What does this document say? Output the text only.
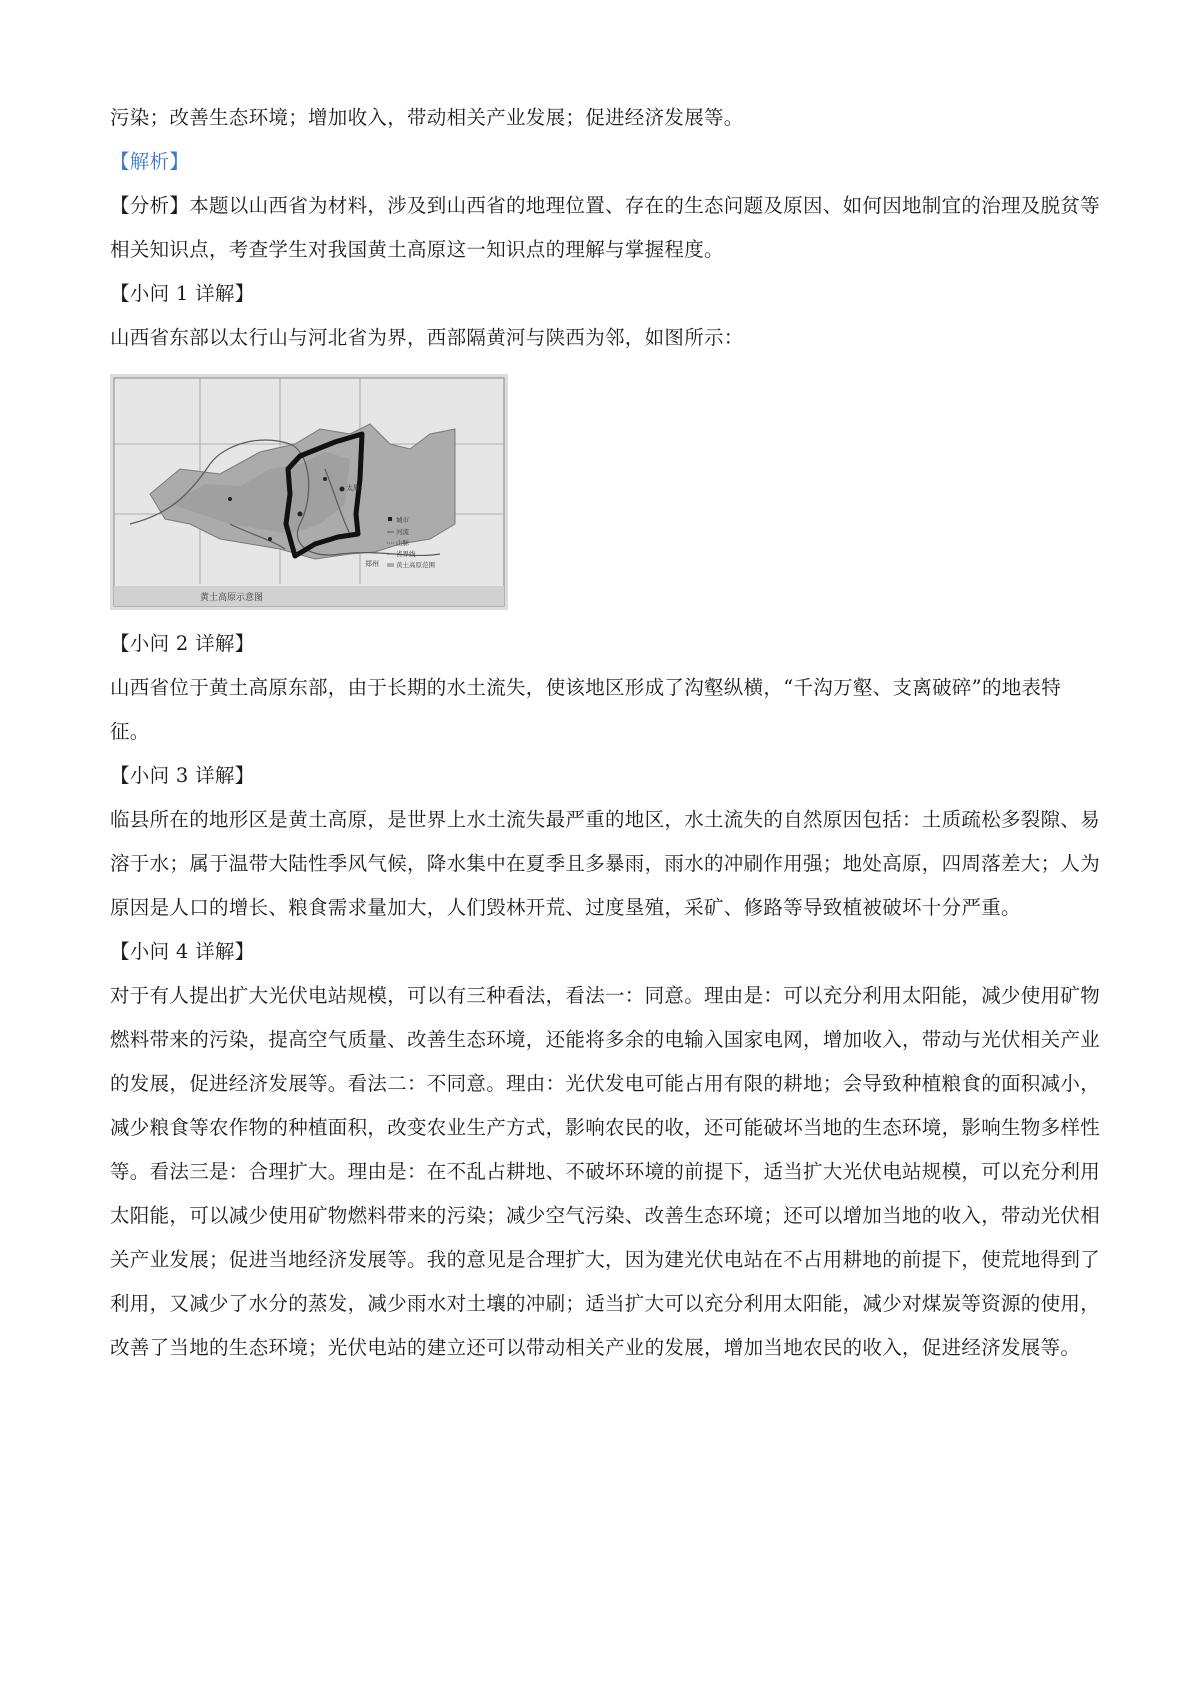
污染；改善生态环境；增加收入，带动相关产业发展；促进经济发展等。

【解析】

【分析】本题以山西省为材料，涉及到山西省的地理位置、存在的生态问题及原因、如何因地制宜的治理及脱贫等相关知识点，考查学生对我国黄土高原这一知识点的理解与掌握程度。

【小问 1 详解】

山西省东部以太行山与河北省为界，西部隔黄河与陕西为邻，如图所示：

太原
郑州
城市
河流
山脉
省界线
黄土高原范围
黄土高原示意图

【小问 2 详解】

山西省位于黄土高原东部，由于长期的水土流失，使该地区形成了沟壑纵横，“千沟万壑、支离破碎”的地表特征。

【小问 3 详解】

临县所在的地形区是黄土高原，是世界上水土流失最严重的地区，水土流失的自然原因包括：土质疏松多裂隙、易溶于水；属于温带大陆性季风气候，降水集中在夏季且多暴雨，雨水的冲刷作用强；地处高原，四周落差大；人为原因是人口的增长、粮食需求量加大，人们毁林开荒、过度垦殖，采矿、修路等导致植被破坏十分严重。

【小问 4 详解】

对于有人提出扩大光伏电站规模，可以有三种看法，看法一：同意。理由是：可以充分利用太阳能，减少使用矿物燃料带来的污染，提高空气质量、改善生态环境，还能将多余的电输入国家电网，增加收入，带动与光伏相关产业的发展，促进经济发展等。看法二：不同意。理由：光伏发电可能占用有限的耕地；会导致种植粮食的面积减小，减少粮食等农作物的种植面积，改变农业生产方式，影响农民的收，还可能破坏当地的生态环境，影响生物多样性等。看法三是：合理扩大。理由是：在不乱占耕地、不破坏环境的前提下，适当扩大光伏电站规模，可以充分利用太阳能，可以减少使用矿物燃料带来的污染；减少空气污染、改善生态环境；还可以增加当地的收入，带动光伏相关产业发展；促进当地经济发展等。我的意见是合理扩大，因为建光伏电站在不占用耕地的前提下，使荒地得到了利用，又减少了水分的蒸发，减少雨水对土壤的冲刷；适当扩大可以充分利用太阳能，减少对煤炭等资源的使用，改善了当地的生态环境；光伏电站的建立还可以带动相关产业的发展，增加当地农民的收入，促进经济发展等。
